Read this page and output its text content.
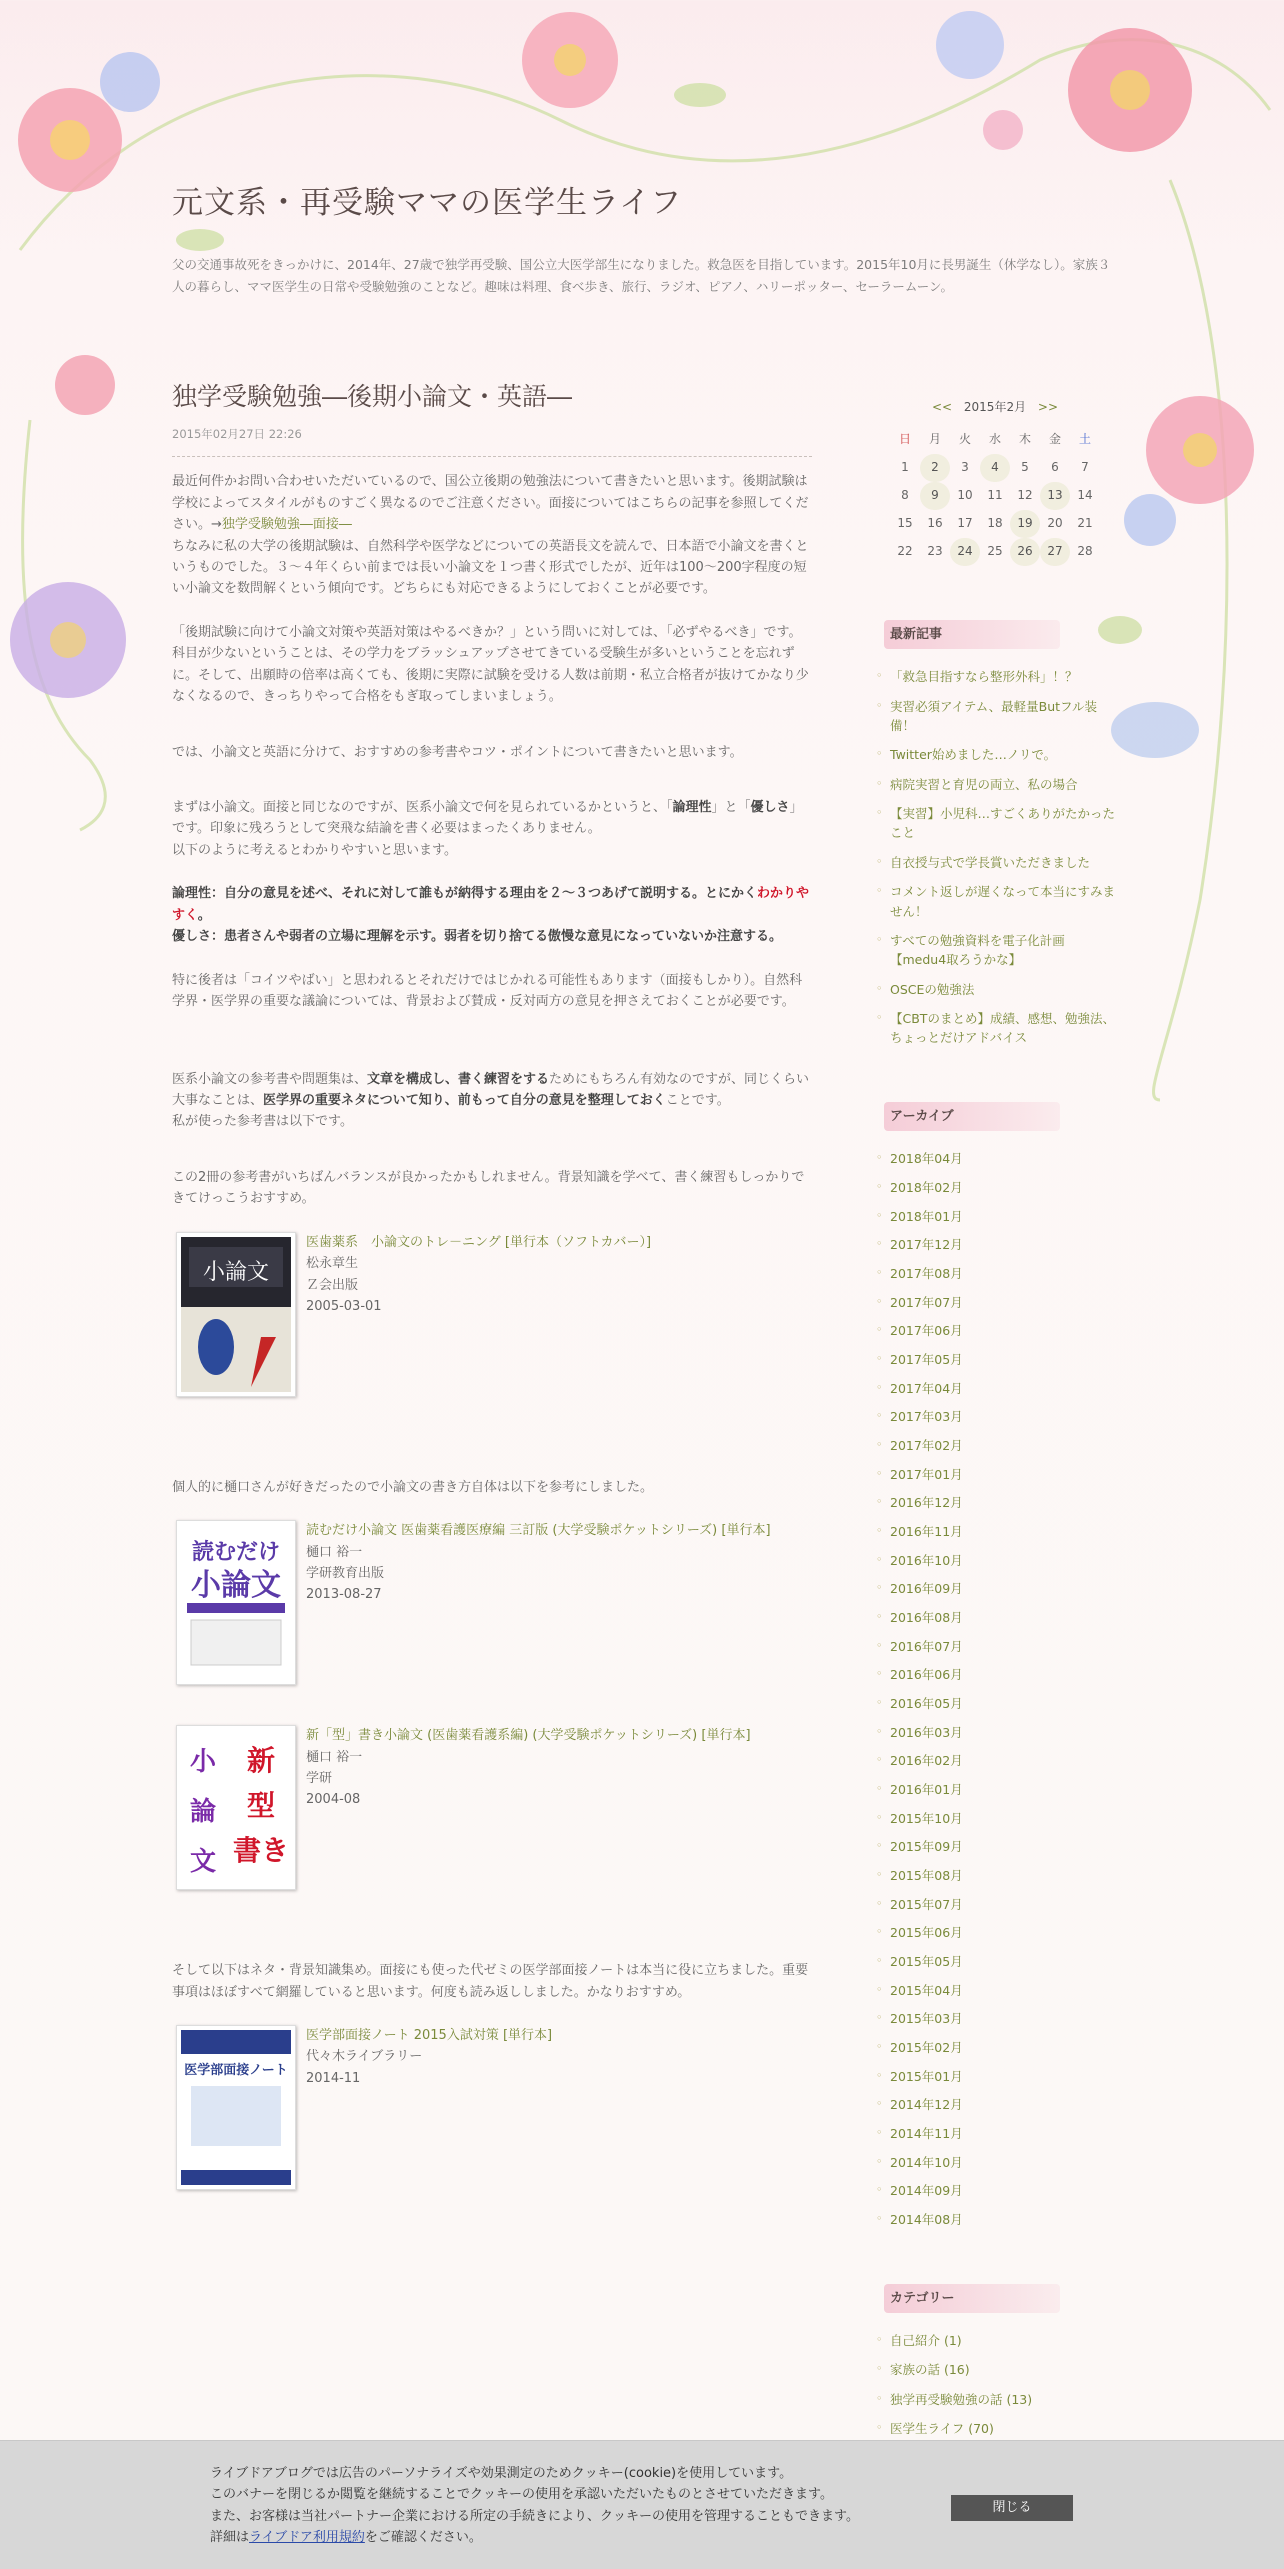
元文系・再受験ママの医学生ライフ

父の交通事故死をきっかけに、2014年、27歳で独学再受験、国公立大医学部生になりました。救急医を目指しています。2015年10月に長男誕生（休学なし）。家族３人の暮らし、ママ医学生の日常や受験勉強のことなど。趣味は料理、食べ歩き、旅行、ラジオ、ピアノ、ハリーポッター、セーラームーン。

独学受験勉強―後期小論文・英語―
2015年02月27日 22:26

最近何件かお問い合わせいただいているので、国公立後期の勉強法について書きたいと思います。後期試験は学校によってスタイルがものすごく異なるのでご注意ください。面接についてはこちらの記事を参照してください。→独学受験勉強―面接―
ちなみに私の大学の後期試験は、自然科学や医学などについての英語長文を読んで、日本語で小論文を書くというものでした。３～４年くらい前までは長い小論文を１つ書く形式でしたが、近年は100～200字程度の短い小論文を数問解くという傾向です。どちらにも対応できるようにしておくことが必要です。

「後期試験に向けて小論文対策や英語対策はやるべきか？」という問いに対しては、「必ずやるべき」です。科目が少ないということは、その学力をブラッシュアップさせてきている受験生が多いということを忘れずに。そして、出願時の倍率は高くても、後期に実際に試験を受ける人数は前期・私立合格者が抜けてかなり少なくなるので、きっちりやって合格をもぎ取ってしまいましょう。

では、小論文と英語に分けて、おすすめの参考書やコツ・ポイントについて書きたいと思います。

まずは小論文。面接と同じなのですが、医系小論文で何を見られているかというと、「論理性」と「優しさ」です。印象に残ろうとして突飛な結論を書く必要はまったくありません。
以下のように考えるとわかりやすいと思います。

論理性：自分の意見を述べ、それに対して誰もが納得する理由を２～３つあげて説明する。とにかくわかりやすく。
優しさ：患者さんや弱者の立場に理解を示す。弱者を切り捨てる傲慢な意見になっていないか注意する。

特に後者は「コイツやばい」と思われるとそれだけではじかれる可能性もあります（面接もしかり）。自然科学界・医学界の重要な議論については、背景および賛成・反対両方の意見を押さえておくことが必要です。

医系小論文の参考書や問題集は、文章を構成し、書く練習をするためにもちろん有効なのですが、同じくらい大事なことは、医学界の重要ネタについて知り、前もって自分の意見を整理しておくことです。
私が使った参考書は以下です。

この2冊の参考書がいちばんバランスが良かったかもしれません。背景知識を学べて、書く練習もしっかりできてけっこうおすすめ。

小論文
医歯薬系　小論文のトレ－ニング [単行本（ソフトカバー）]
松永章生
Ｚ会出版
2005-03-01

個人的に樋口さんが好きだったので小論文の書き方自体は以下を参考にしました。

読むだけ
小論文
読むだけ小論文 医歯薬看護医療編 三訂版 (大学受験ポケットシリーズ) [単行本]
樋口 裕一
学研教育出版
2013-08-27
小
論
文
新
型
書き
新「型」書き小論文 (医歯薬看護系編) (大学受験ポケットシリーズ) [単行本]
樋口 裕一
学研
2004-08

そして以下はネタ・背景知識集め。面接にも使った代ゼミの医学部面接ノートは本当に役に立ちました。重要事項はほぼすべて網羅していると思います。何度も読み返ししました。かなりおすすめ。

医学部面接ノート
医学部面接ノート 2015入試対策 [単行本]
代々木ライブラリー
2014-11
<< 2015年2月 >>
日	月	火	水	木	金	土
1	2	3	4	5	6	7
8	9	10	11	12	13	14
15	16	17	18	19	20	21
22	23	24	25	26	27	28
最新記事
◦ 「救急目指すなら整形外科」！？
◦ 実習必須アイテム、最軽量Butフル装備！
◦ Twitter始めました…ノリで。
◦ 病院実習と育児の両立、私の場合
◦ 【実習】小児科…すごくありがたかったこと
◦ 自衣授与式で学長賞いただきました
◦ コメント返しが遅くなって本当にすみません！
◦ すべての勉強資料を電子化計画【medu4取ろうかな】
◦ OSCEの勉強法
◦ 【CBTのまとめ】成績、感想、勉強法、ちょっとだけアドバイス
アーカイブ
◦ 2018年04月
◦ 2018年02月
◦ 2018年01月
◦ 2017年12月
◦ 2017年08月
◦ 2017年07月
◦ 2017年06月
◦ 2017年05月
◦ 2017年04月
◦ 2017年03月
◦ 2017年02月
◦ 2017年01月
◦ 2016年12月
◦ 2016年11月
◦ 2016年10月
◦ 2016年09月
◦ 2016年08月
◦ 2016年07月
◦ 2016年06月
◦ 2016年05月
◦ 2016年03月
◦ 2016年02月
◦ 2016年01月
◦ 2015年10月
◦ 2015年09月
◦ 2015年08月
◦ 2015年07月
◦ 2015年06月
◦ 2015年05月
◦ 2015年04月
◦ 2015年03月
◦ 2015年02月
◦ 2015年01月
◦ 2014年12月
◦ 2014年11月
◦ 2014年10月
◦ 2014年09月
◦ 2014年08月
カテゴリー
◦ 自己紹介 (1)
◦ 家族の話 (16)
◦ 独学再受験勉強の話 (13)
◦ 医学生ライフ (70)
◦
◦
ライブドアブログでは広告のパーソナライズや効果測定のためクッキー(cookie)を使用しています。
このバナーを閉じるか閲覧を継続することでクッキーの使用を承認いただいたものとさせていただきます。
また、お客様は当社パートナー企業における所定の手続きにより、クッキーの使用を管理することもできます。
詳細はライブドア利用規約をご確認ください。
閉じる
